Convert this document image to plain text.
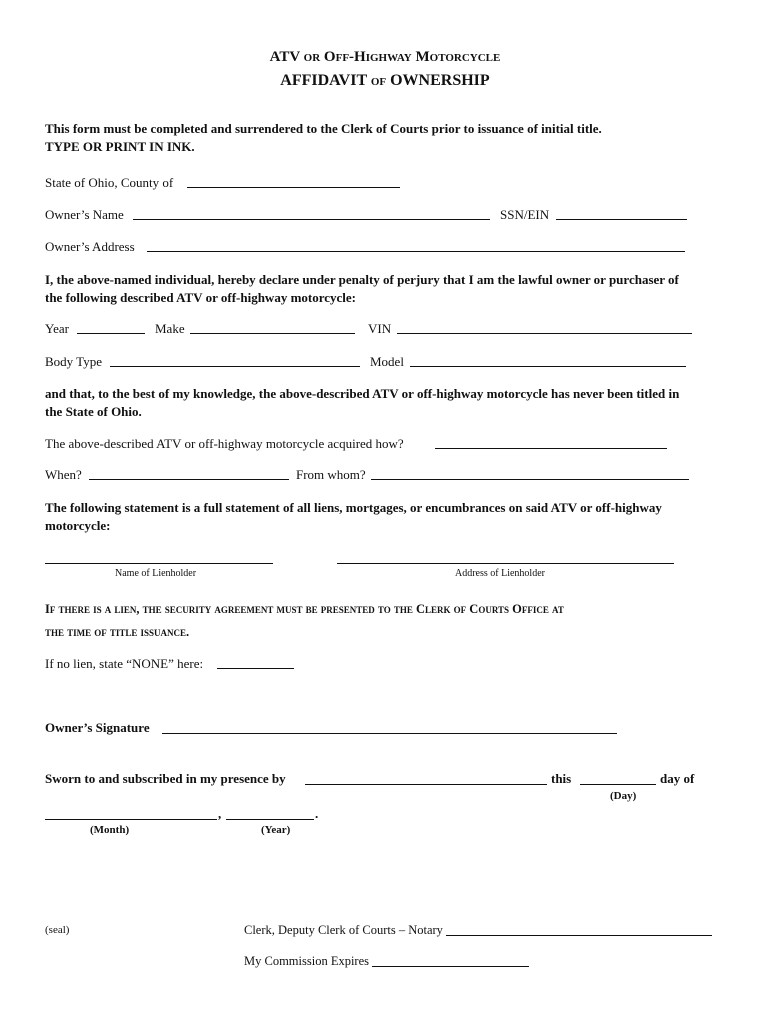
ATV or Off-Highway Motorcycle
AFFIDAVIT of OWNERSHIP
This form must be completed and surrendered to the Clerk of Courts prior to issuance of initial title.
TYPE OR PRINT IN INK.
State of Ohio, County of
Owner’s Name	SSN/EIN
Owner’s Address
I, the above-named individual, hereby declare under penalty of perjury that I am the lawful owner or purchaser of
the following described ATV or off-highway motorcycle:
Year	Make	VIN
Body Type	Model
and that, to the best of my knowledge, the above-described ATV or off-highway motorcycle has never been titled in
the State of Ohio.
The above-described ATV or off-highway motorcycle acquired how?
When?	From whom?
The following statement is a full statement of all liens, mortgages, or encumbrances on said ATV or off-highway
motorcycle:
Name of Lienholder	Address of Lienholder
If there is a lien, the security agreement must be presented to the Clerk of Courts Office at
the time of title issuance.
If no lien, state “NONE” here:
Owner’s Signature
Sworn to and subscribed in my presence by	this	day of
(Day)
,	.
(Month)	(Year)
(seal)	Clerk, Deputy Clerk of Courts – Notary
My Commission Expires
